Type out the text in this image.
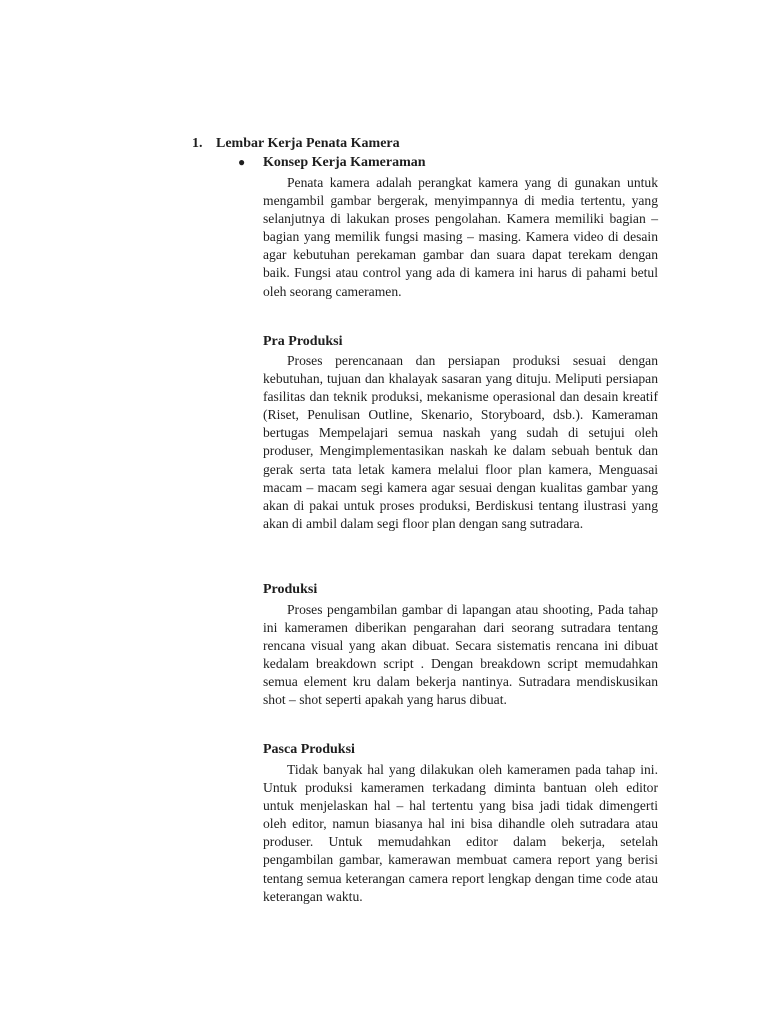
1. Lembar Kerja Penata Kamera
● Konsep Kerja Kameraman

Penata kamera adalah perangkat kamera yang di gunakan untuk mengambil gambar bergerak, menyimpannya di media tertentu, yang selanjutnya di lakukan proses pengolahan. Kamera memiliki bagian – bagian yang memilik fungsi masing – masing. Kamera video di desain agar kebutuhan perekaman gambar dan suara dapat terekam dengan baik. Fungsi atau control yang ada di kamera ini harus di pahami betul oleh seorang cameramen.

Pra Produksi

Proses perencanaan dan persiapan produksi sesuai dengan kebutuhan, tujuan dan khalayak sasaran yang dituju. Meliputi persiapan fasilitas dan teknik produksi, mekanisme operasional dan desain kreatif (Riset, Penulisan Outline, Skenario, Storyboard, dsb.). Kameraman bertugas Mempelajari semua naskah yang sudah di setujui oleh produser, Mengimplementasikan naskah ke dalam sebuah bentuk dan gerak serta tata letak kamera melalui floor plan kamera, Menguasai macam – macam segi kamera agar sesuai dengan kualitas gambar yang akan di pakai untuk proses produksi, Berdiskusi tentang ilustrasi yang akan di ambil dalam segi floor plan dengan sang sutradara.

Produksi

Proses pengambilan gambar di lapangan atau shooting, Pada tahap ini kameramen diberikan pengarahan dari seorang sutradara tentang rencana visual yang akan dibuat. Secara sistematis rencana ini dibuat kedalam breakdown script . Dengan breakdown script memudahkan semua element kru dalam bekerja nantinya. Sutradara mendiskusikan shot – shot seperti apakah yang harus dibuat.

Pasca Produksi

Tidak banyak hal yang dilakukan oleh kameramen pada tahap ini. Untuk produksi kameramen terkadang diminta bantuan oleh editor untuk menjelaskan hal – hal tertentu yang bisa jadi tidak dimengerti oleh editor, namun biasanya hal ini bisa dihandle oleh sutradara atau produser. Untuk memudahkan editor dalam bekerja, setelah pengambilan gambar, kamerawan membuat camera report yang berisi tentang semua keterangan camera report lengkap dengan time code atau keterangan waktu.
